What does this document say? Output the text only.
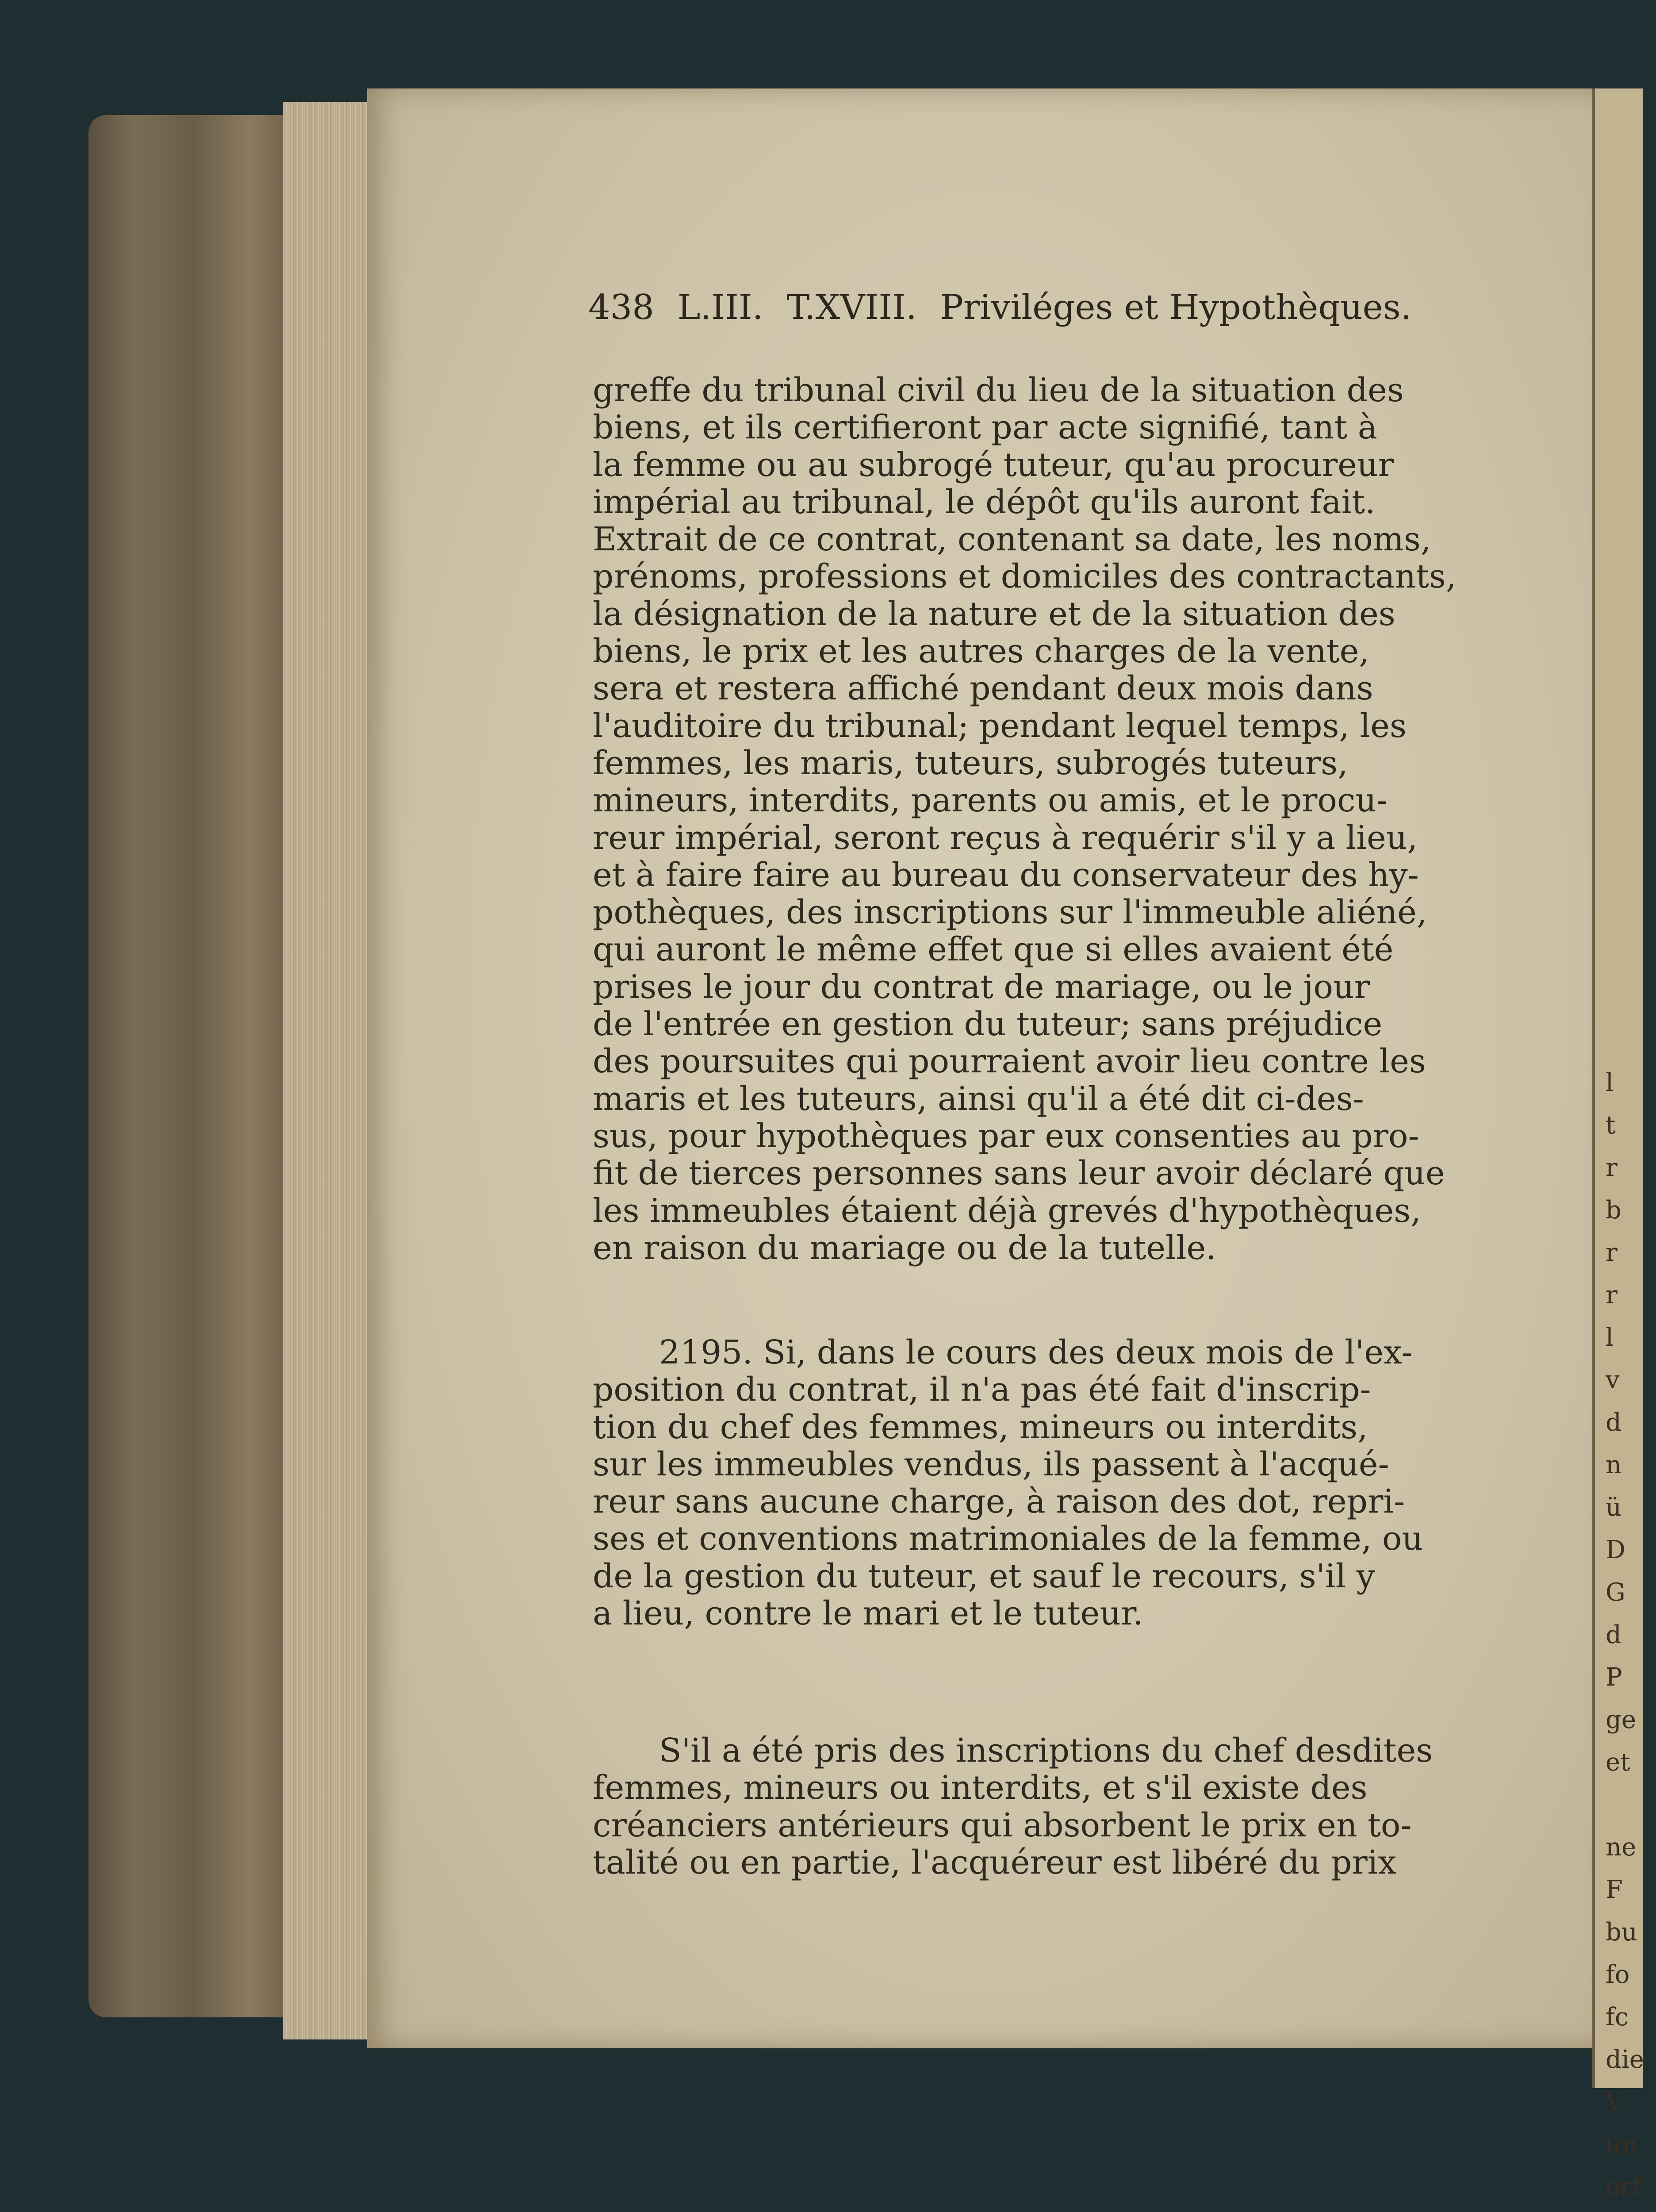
l
t
r
b
r
r
l
v
d
n
ü
D
G
d
P
ge
et

ne
F
bu
fo
fc
die
V
un
erf

438 L.III. T.XVIII. Priviléges et Hypothèques.
greffe du tribunal civil du lieu de la situation des
biens, et ils certifieront par acte signifié, tant à
la femme ou au subrogé tuteur, qu'au procureur
impérial au tribunal, le dépôt qu'ils auront fait.
Extrait de ce contrat, contenant sa date, les noms,
prénoms, professions et domiciles des contractants,
la désignation de la nature et de la situation des
biens, le prix et les autres charges de la vente,
sera et restera affiché pendant deux mois dans
l'auditoire du tribunal; pendant lequel temps, les
femmes, les maris, tuteurs, subrogés tuteurs,
mineurs, interdits, parents ou amis, et le procu-
reur impérial, seront reçus à requérir s'il y a lieu,
et à faire faire au bureau du conservateur des hy-
pothèques, des inscriptions sur l'immeuble aliéné,
qui auront le même effet que si elles avaient été
prises le jour du contrat de mariage, ou le jour
de l'entrée en gestion du tuteur; sans préjudice
des poursuites qui pourraient avoir lieu contre les
maris et les tuteurs, ainsi qu'il a été dit ci-des-
sus, pour hypothèques par eux consenties au pro-
fit de tierces personnes sans leur avoir déclaré que
les immeubles étaient déjà grevés d'hypothèques,
en raison du mariage ou de la tutelle.
2195. Si, dans le cours des deux mois de l'ex-
position du contrat, il n'a pas été fait d'inscrip-
tion du chef des femmes, mineurs ou interdits,
sur les immeubles vendus, ils passent à l'acqué-
reur sans aucune charge, à raison des dot, repri-
ses et conventions matrimoniales de la femme, ou
de la gestion du tuteur, et sauf le recours, s'il y
a lieu, contre le mari et le tuteur.
S'il a été pris des inscriptions du chef desdites
femmes, mineurs ou interdits, et s'il existe des
créanciers antérieurs qui absorbent le prix en to-
talité ou en partie, l'acquéreur est libéré du prix
